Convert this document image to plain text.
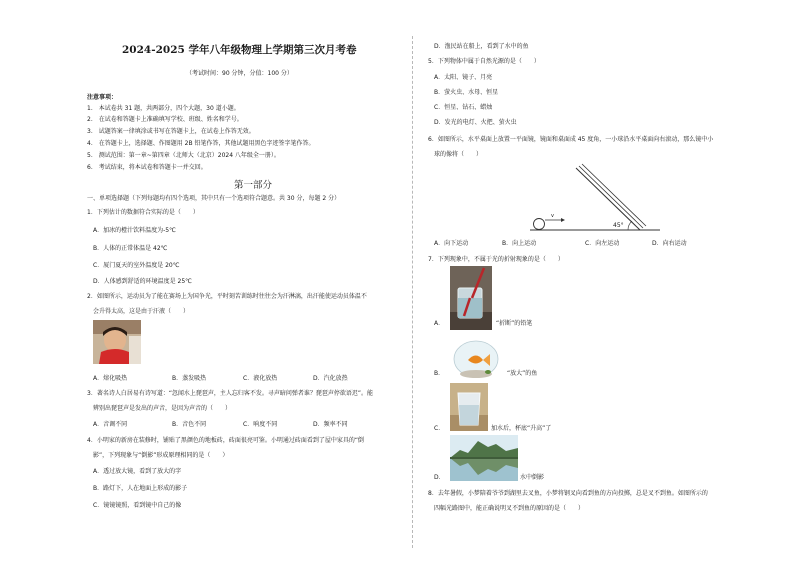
2024-2025 学年八年级物理上学期第三次月考卷
（考试时间：90 分钟，分值：100 分）
注意事项：
1.　本试卷共 31 题，共两部分，四个大题，30 道小题。
2.　在试卷和答题卡上准确填写学校、班级、姓名和学号。
3.　试题答案一律填涂或书写在答题卡上，在试卷上作答无效。
4.　在答题卡上，选择题、作图题用 2B 铅笔作答，其他试题用黑色字迹签字笔作答。
5.　测试范围：第一章~第四章（北师大（北京）2024 八年级全一册）。
6.　考试结束，将本试卷和答题卡一并交回。
第一部分
一、单项选择题（下列每题均有四个选项，其中只有一个选项符合题意。共 30 分，每题 2 分）
1．下列估计的数据符合实际的是（　　）
A．加冰的橙汁饮料温度为-5℃
B．人体的正常体温是 42℃
C．厦门夏天的室外温度是 20℃
D．人体感到舒适的环境温度是 25℃
2．如图所示，运动员为了能在赛场上为国争光，平时刻苦训练时往往会为汗淋漓，出汗能使运动员体温不
会升得太高，这是由于汗液（　　）
A．熔化吸热	B．蒸发吸热	C．液化放热	D．汽化放热
3．著名诗人白居易有诗写道：“忽闻水上琵琶声，主人忘归客不发。寻声暗问弹者谁？琵琶声停欲语迟”。能
辨别出琵琶声是发出的声音，是因为声音的（　　）
A．音调不同	B．音色不同	C．响度不同	D．频率不同
4．小明家的新房在装修时，铺贴了黑颜色的地板砖，砖面很亮可鉴。小明通过砖面看到了屋中家具的“倒
影”，下列现象与“倒影”形成原理相同的是（　　）
A．透过放大镜，看到了放大的字
B．路灯下，人在地面上形成的影子
C．镜镜镜照，看到镜中自己的像
D．渔民站在船上，看到了水中的鱼
5．下列物体中属于自然光源的是（　　）
A．太阳、镜子、月亮
B．萤火虫、水母、恒星
C．恒星、钻石、蜡烛
D．发光的电灯、火把、萤火虫
6．如图所示，水平桌面上放置一平面镜，镜面和桌面成 45 度角，一小球沿水平桌面向右滚动，那么镜中小
球的像将（　　）
v
45°
A．向下运动	B．向上运动	C．向左运动	D．向右运动
7．下列现象中，不属于光的折射现象的是（　　）
A．	“折断”的铅笔
B．	“放大”的鱼
C．	加水后，杯底“升高”了
D．	水中倒影
8．去年暑假，小梦陪着爷爷到湖里去叉鱼，小梦将钢叉向看到鱼的方向投掷，总是叉不到鱼。如图所示的
四幅光路图中，能正确说明叉不到鱼的原因的是（　　）
